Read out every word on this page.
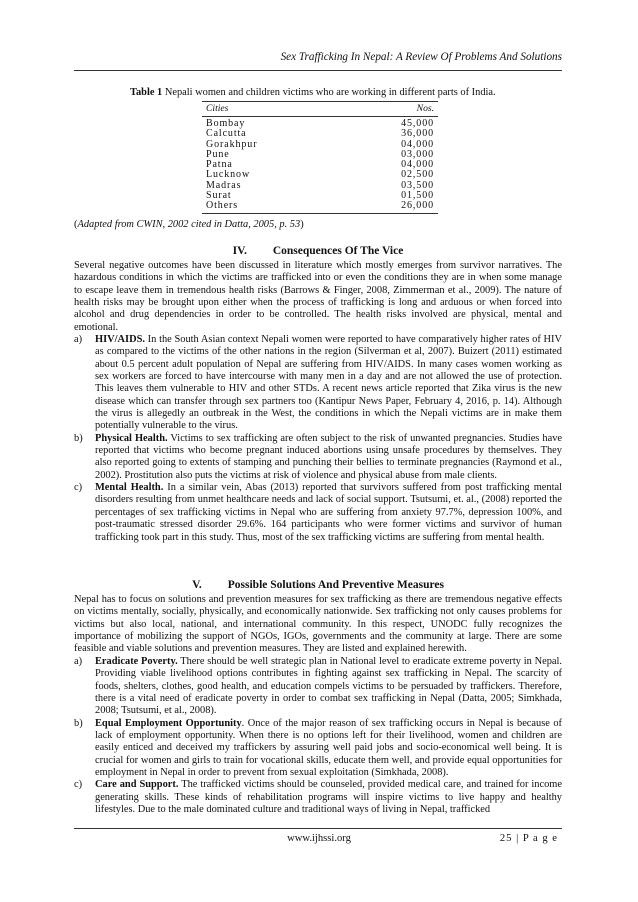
Sex Trafficking In Nepal: A Review Of Problems And Solutions
Table 1 Nepali women and children victims who are working in different parts of India.
Cities	Nos.
Bombay	45,000
Calcutta	36,000
Gorakhpur	04,000
Pune	03,000
Patna	04,000
Lucknow	02,500
Madras	03,500
Surat	01,500
Others	26,000
(Adapted from CWIN, 2002 cited in Datta, 2005, p. 53)
IV. Consequences Of The Vice
Several negative outcomes have been discussed in literature which mostly emerges from survivor narratives. The hazardous conditions in which the victims are trafficked into or even the conditions they are in when some manage to escape leave them in tremendous health risks (Barrows & Finger, 2008, Zimmerman et al., 2009). The nature of health risks may be brought upon either when the process of trafficking is long and arduous or when forced into alcohol and drug dependencies in order to be controlled. The health risks involved are physical, mental and emotional.
a) HIV/AIDS. In the South Asian context Nepali women were reported to have comparatively higher rates of HIV as compared to the victims of the other nations in the region (Silverman et al, 2007). Buizert (2011) estimated about 0.5 percent adult population of Nepal are suffering from HIV/AIDS. In many cases women working as sex workers are forced to have intercourse with many men in a day and are not allowed the use of protection. This leaves them vulnerable to HIV and other STDs. A recent news article reported that Zika virus is the new disease which can transfer through sex partners too (Kantipur News Paper, February 4, 2016, p. 14). Although the virus is allegedly an outbreak in the West, the conditions in which the Nepali victims are in make them potentially vulnerable to the virus.
b) Physical Health. Victims to sex trafficking are often subject to the risk of unwanted pregnancies. Studies have reported that victims who become pregnant induced abortions using unsafe procedures by themselves. They also reported going to extents of stamping and punching their bellies to terminate pregnancies (Raymond et al., 2002). Prostitution also puts the victims at risk of violence and physical abuse from male clients.
c) Mental Health. In a similar vein, Abas (2013) reported that survivors suffered from post trafficking mental disorders resulting from unmet healthcare needs and lack of social support. Tsutsumi, et. al., (2008) reported the percentages of sex trafficking victims in Nepal who are suffering from anxiety 97.7%, depression 100%, and post-traumatic stressed disorder 29.6%. 164 participants who were former victims and survivor of human trafficking took part in this study. Thus, most of the sex trafficking victims are suffering from mental health.
V. Possible Solutions And Preventive Measures
Nepal has to focus on solutions and prevention measures for sex trafficking as there are tremendous negative effects on victims mentally, socially, physically, and economically nationwide. Sex trafficking not only causes problems for victims but also local, national, and international community. In this respect, UNODC fully recognizes the importance of mobilizing the support of NGOs, IGOs, governments and the community at large. There are some feasible and viable solutions and prevention measures. They are listed and explained herewith.
a) Eradicate Poverty. There should be well strategic plan in National level to eradicate extreme poverty in Nepal. Providing viable livelihood options contributes in fighting against sex trafficking in Nepal. The scarcity of foods, shelters, clothes, good health, and education compels victims to be persuaded by traffickers. Therefore, there is a vital need of eradicate poverty in order to combat sex trafficking in Nepal (Datta, 2005; Simkhada, 2008; Tsutsumi, et al., 2008).
b) Equal Employment Opportunity. Once of the major reason of sex trafficking occurs in Nepal is because of lack of employment opportunity. When there is no options left for their livelihood, women and children are easily enticed and deceived my traffickers by assuring well paid jobs and socio-economical well being. It is crucial for women and girls to train for vocational skills, educate them well, and provide equal opportunities for employment in Nepal in order to prevent from sexual exploitation (Simkhada, 2008).
c) Care and Support. The trafficked victims should be counseled, provided medical care, and trained for income generating skills. These kinds of rehabilitation programs will inspire victims to live happy and healthy lifestyles. Due to the male dominated culture and traditional ways of living in Nepal, trafficked
www.ijhssi.org	25 | P a g e
